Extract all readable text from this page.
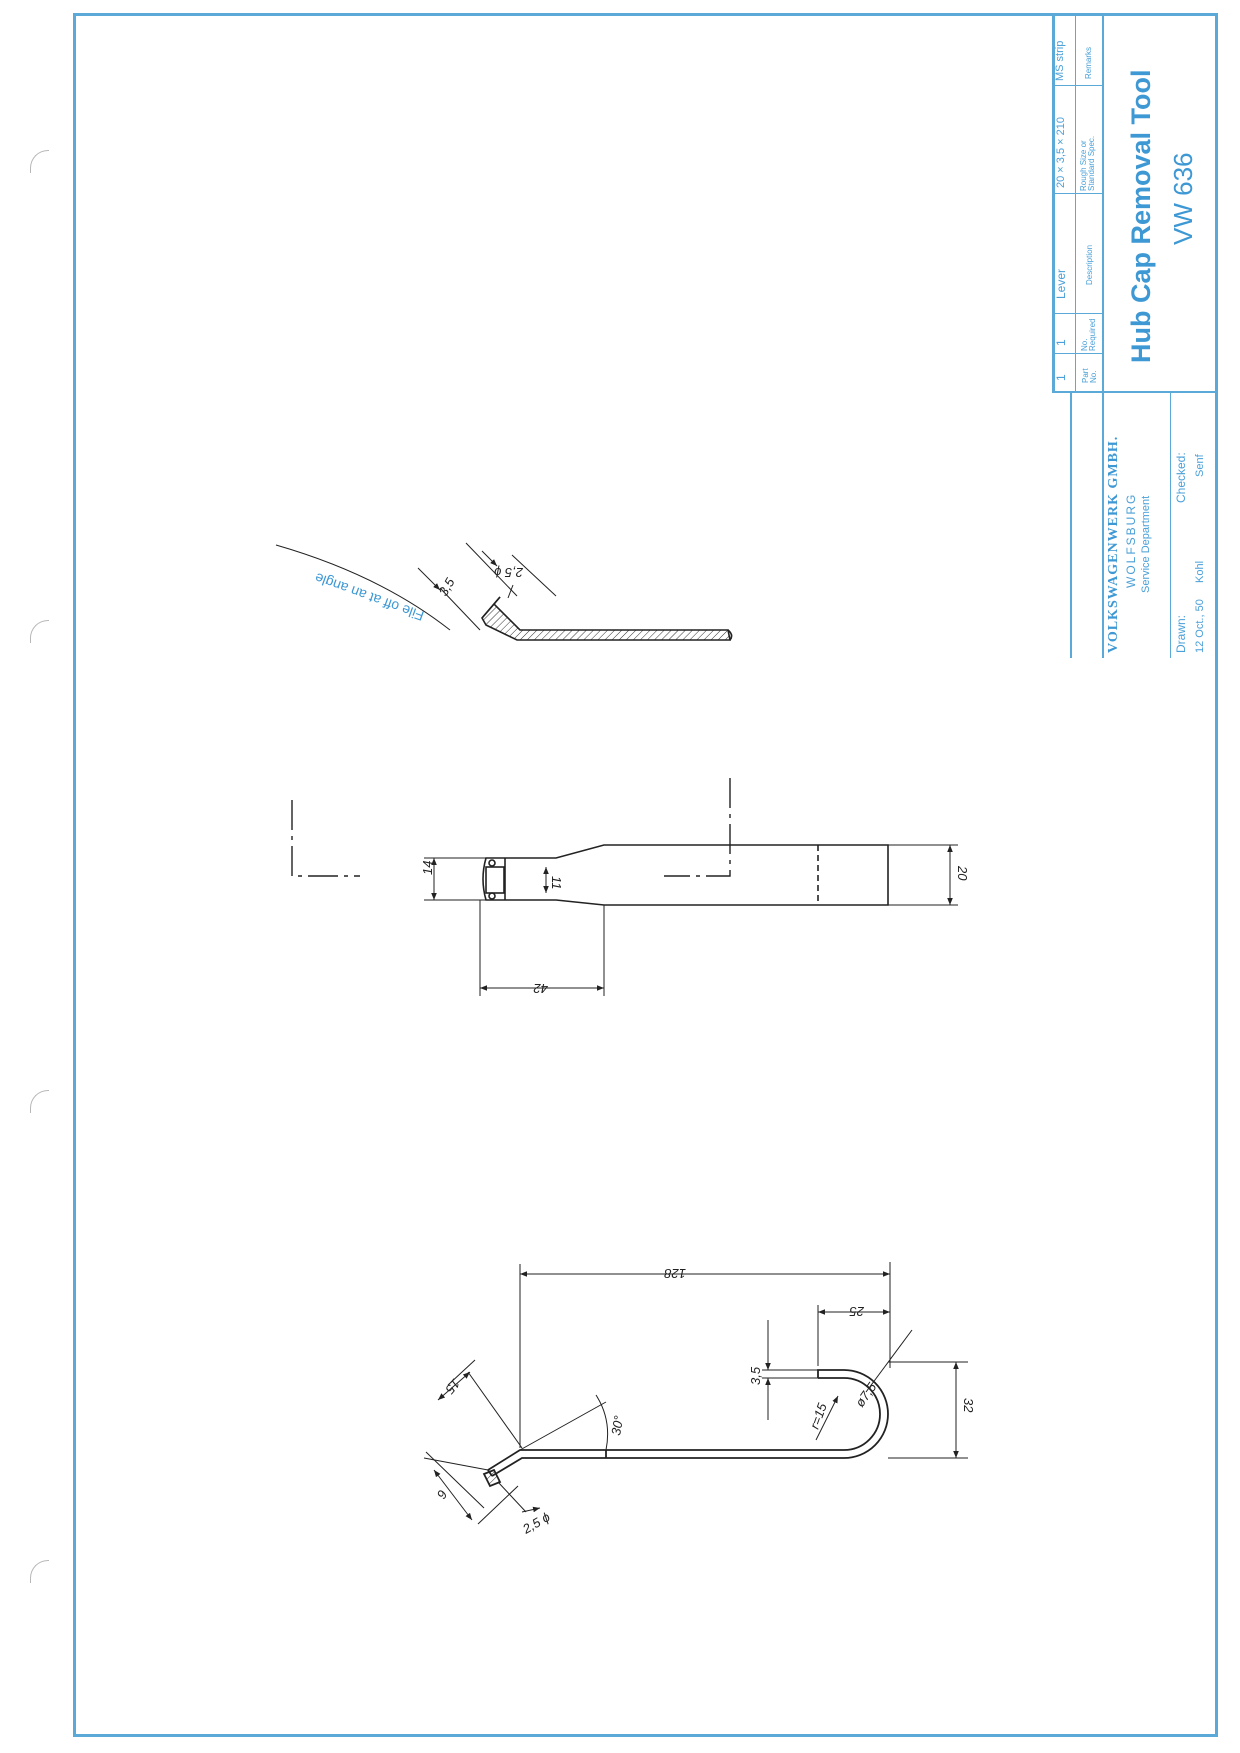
3,5
2,5 ϕ
File off at an angle
14
11
20
42
128
25
3,5
32
r=15
ø7,5
30°
15
9
2,5 ϕ
1
1
Lever
20 × 3,5 × 210
MS strip
Part No.
No. Required
Description
Rough Size or Standard Spec.
Remarks
Hub Cap Removal Tool VW 636
VOLKSWAGENWERK GMBH. WOLFSBURG Service Department
Drawn: 12 Oct., 50
Kohl
Checked: Senf
